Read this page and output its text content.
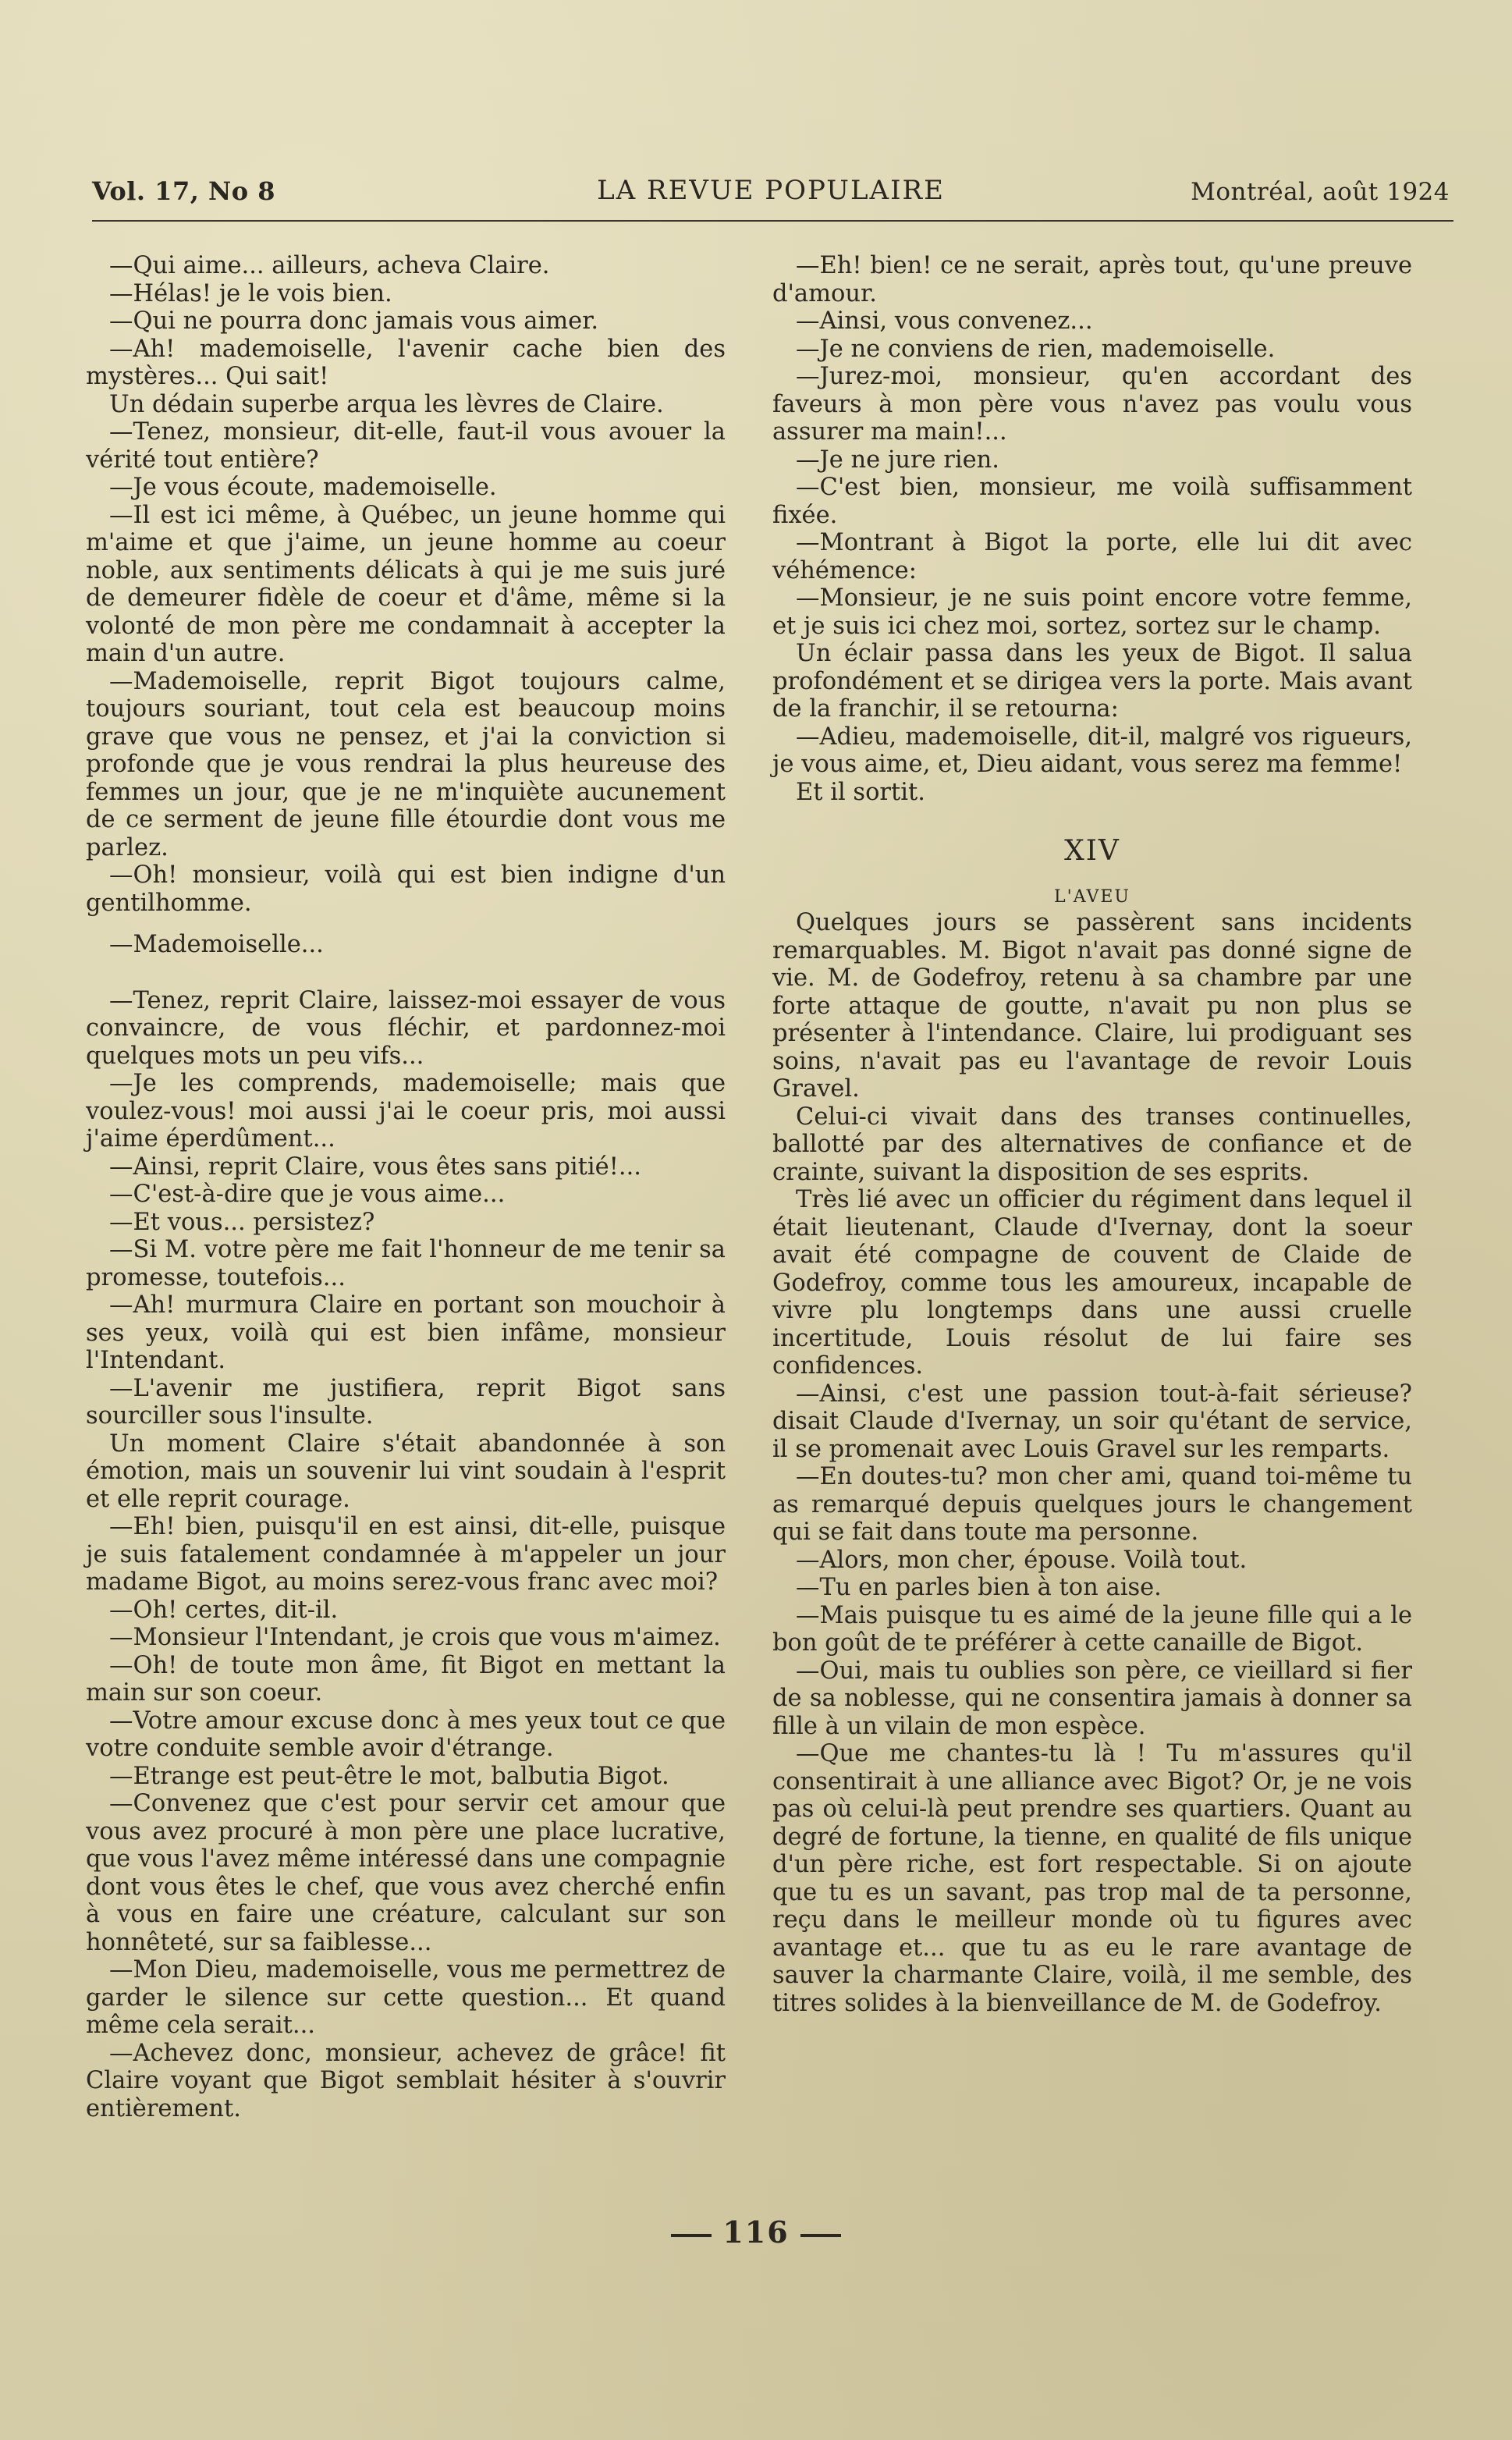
Vol. 17, No 8	LA REVUE POPULAIRE	Montréal, août 1924

—Qui aime... ailleurs, acheva Claire.

—Hélas! je le vois bien.

—Qui ne pourra donc jamais vous aimer.

—Ah! mademoiselle, l'avenir cache bien des mystères... Qui sait!

Un dédain superbe arqua les lèvres de Claire.

—Tenez, monsieur, dit-elle, faut-il vous avouer la vérité tout entière?

—Je vous écoute, mademoiselle.

—Il est ici même, à Québec, un jeune homme qui m'aime et que j'aime, un jeune homme au coeur noble, aux sentiments délicats à qui je me suis juré de demeurer fidèle de coeur et d'âme, même si la volonté de mon père me condamnait à accepter la main d'un autre.

—Mademoiselle, reprit Bigot toujours calme, toujours souriant, tout cela est beaucoup moins grave que vous ne pensez, et j'ai la conviction si profonde que je vous rendrai la plus heureuse des femmes un jour, que je ne m'inquiète aucunement de ce serment de jeune fille étourdie dont vous me parlez.

—Oh! monsieur, voilà qui est bien indigne d'un gentilhomme.

—Mademoiselle...

—Tenez, reprit Claire, laissez-moi essayer de vous convaincre, de vous fléchir, et pardonnez-moi quelques mots un peu vifs...

—Je les comprends, mademoiselle; mais que voulez-vous! moi aussi j'ai le coeur pris, moi aussi j'aime éperdûment...

—Ainsi, reprit Claire, vous êtes sans pitié!...

—C'est-à-dire que je vous aime...

—Et vous... persistez?

—Si M. votre père me fait l'honneur de me tenir sa promesse, toutefois...

—Ah! murmura Claire en portant son mouchoir à ses yeux, voilà qui est bien infâme, monsieur l'Intendant.

—L'avenir me justifiera, reprit Bigot sans sourciller sous l'insulte.

Un moment Claire s'était abandonnée à son émotion, mais un souvenir lui vint soudain à l'esprit et elle reprit courage.

—Eh! bien, puisqu'il en est ainsi, dit-elle, puisque je suis fatalement condamnée à m'appeler un jour madame Bigot, au moins serez-vous franc avec moi?

—Oh! certes, dit-il.

—Monsieur l'Intendant, je crois que vous m'aimez.

—Oh! de toute mon âme, fit Bigot en mettant la main sur son coeur.

—Votre amour excuse donc à mes yeux tout ce que votre conduite semble avoir d'étrange.

—Etrange est peut-être le mot, balbutia Bigot.

—Convenez que c'est pour servir cet amour que vous avez procuré à mon père une place lucrative, que vous l'avez même intéressé dans une compagnie dont vous êtes le chef, que vous avez cherché enfin à vous en faire une créature, calculant sur son honnêteté, sur sa faiblesse...

—Mon Dieu, mademoiselle, vous me permettrez de garder le silence sur cette question... Et quand même cela serait...

—Achevez donc, monsieur, achevez de grâce! fit Claire voyant que Bigot semblait hésiter à s'ouvrir entièrement.

—Eh! bien! ce ne serait, après tout, qu'une preuve d'amour.

—Ainsi, vous convenez...

—Je ne conviens de rien, mademoiselle.

—Jurez-moi, monsieur, qu'en accordant des faveurs à mon père vous n'avez pas voulu vous assurer ma main!...

—Je ne jure rien.

—C'est bien, monsieur, me voilà suffisamment fixée.

—Montrant à Bigot la porte, elle lui dit avec véhémence:

—Monsieur, je ne suis point encore votre femme, et je suis ici chez moi, sortez, sortez sur le champ.

Un éclair passa dans les yeux de Bigot. Il salua profondément et se dirigea vers la porte. Mais avant de la franchir, il se retourna:

—Adieu, mademoiselle, dit-il, malgré vos rigueurs, je vous aime, et, Dieu aidant, vous serez ma femme!

Et il sortit.

XIV
L'AVEU

Quelques jours se passèrent sans incidents remarquables. M. Bigot n'avait pas donné signe de vie. M. de Godefroy, retenu à sa chambre par une forte attaque de goutte, n'avait pu non plus se présenter à l'intendance. Claire, lui prodiguant ses soins, n'avait pas eu l'avantage de revoir Louis Gravel.

Celui-ci vivait dans des transes continuelles, ballotté par des alternatives de confiance et de crainte, suivant la disposition de ses esprits.

Très lié avec un officier du régiment dans lequel il était lieutenant, Claude d'Ivernay, dont la soeur avait été compagne de couvent de Claide de Godefroy, comme tous les amoureux, incapable de vivre plu longtemps dans une aussi cruelle incertitude, Louis résolut de lui faire ses confidences.

—Ainsi, c'est une passion tout-à-fait sérieuse? disait Claude d'Ivernay, un soir qu'étant de service, il se promenait avec Louis Gravel sur les remparts.

—En doutes-tu? mon cher ami, quand toi-même tu as remarqué depuis quelques jours le changement qui se fait dans toute ma personne.

—Alors, mon cher, épouse. Voilà tout.

—Tu en parles bien à ton aise.

—Mais puisque tu es aimé de la jeune fille qui a le bon goût de te préférer à cette canaille de Bigot.

—Oui, mais tu oublies son père, ce vieillard si fier de sa noblesse, qui ne consentira jamais à donner sa fille à un vilain de mon espèce.

—Que me chantes-tu là ! Tu m'assures qu'il consentirait à une alliance avec Bigot? Or, je ne vois pas où celui-là peut prendre ses quartiers. Quant au degré de fortune, la tienne, en qualité de fils unique d'un père riche, est fort respectable. Si on ajoute que tu es un savant, pas trop mal de ta personne, reçu dans le meilleur monde où tu figures avec avantage et... que tu as eu le rare avantage de sauver la charmante Claire, voilà, il me semble, des titres solides à la bienveillance de M. de Godefroy.

116
